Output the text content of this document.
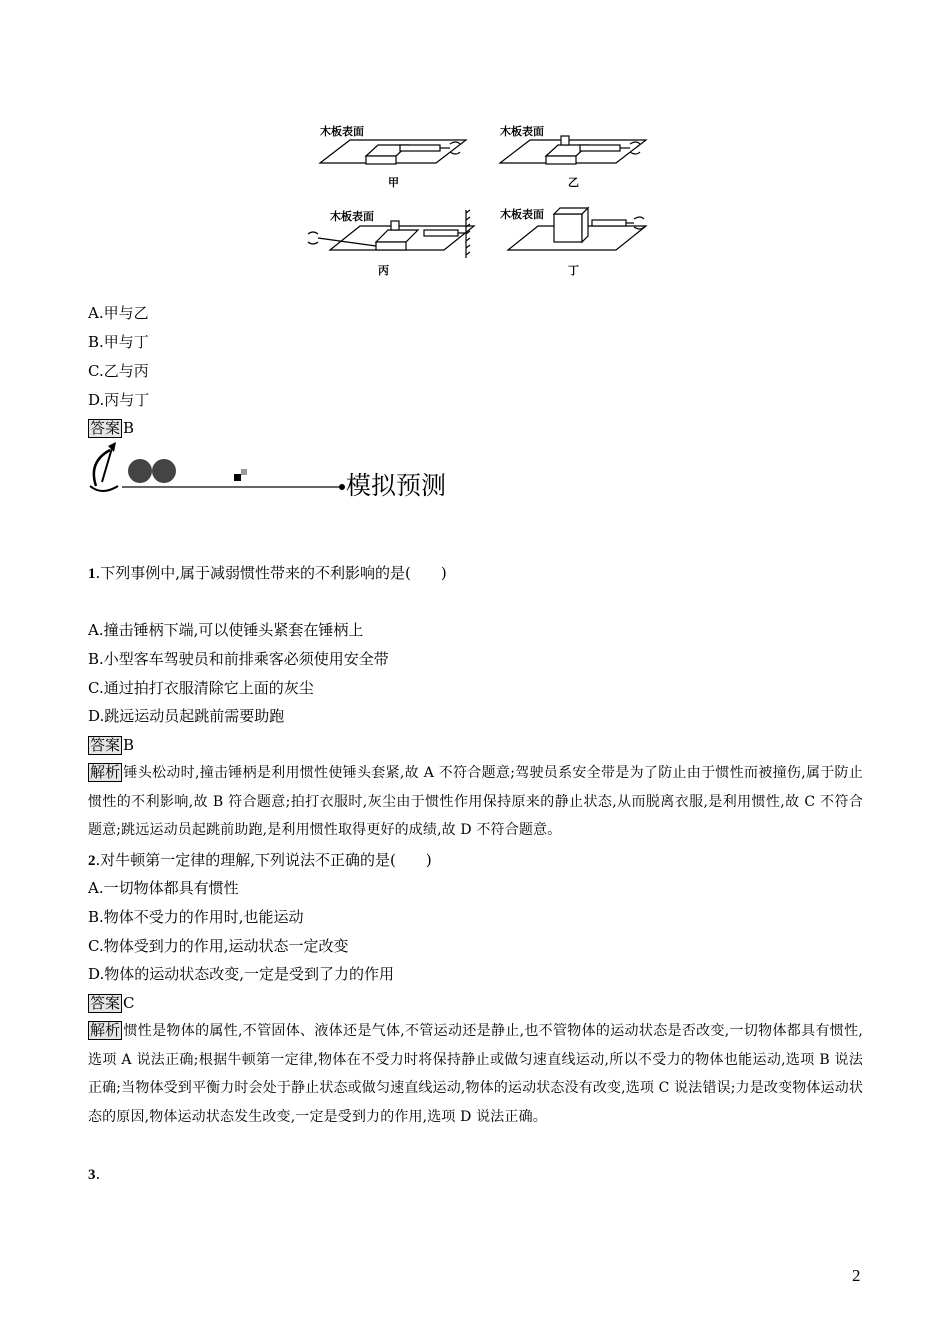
木板表面	木板表面
木板表面	木板表面
甲	乙
丙	丁
A.甲与乙
B.甲与丁
C.乙与丙
D.丙与丁
答案 B
模拟预测
1.下列事例中,属于减弱惯性带来的不利影响的是(　　)
A.撞击锤柄下端,可以使锤头紧套在锤柄上
B.小型客车驾驶员和前排乘客必须使用安全带
C.通过拍打衣服清除它上面的灰尘
D.跳远运动员起跳前需要助跑
答案 B
解析 锤头松动时,撞击锤柄是利用惯性使锤头套紧,故 A 不符合题意;驾驶员系安全带是为了防止由于惯性而被撞伤,属于防止惯性的不利影响,故 B 符合题意;拍打衣服时,灰尘由于惯性作用保持原来的静止状态,从而脱离衣服,是利用惯性,故 C 不符合题意;跳远运动员起跳前助跑,是利用惯性取得更好的成绩,故 D 不符合题意。
2.对牛顿第一定律的理解,下列说法不正确的是(　　)
A.一切物体都具有惯性
B.物体不受力的作用时,也能运动
C.物体受到力的作用,运动状态一定改变
D.物体的运动状态改变,一定是受到了力的作用
答案 C
解析 惯性是物体的属性,不管固体、液体还是气体,不管运动还是静止,也不管物体的运动状态是否改变,一切物体都具有惯性,选项 A 说法正确;根据牛顿第一定律,物体在不受力时将保持静止或做匀速直线运动,所以不受力的物体也能运动,选项 B 说法正确;当物体受到平衡力时会处于静止状态或做匀速直线运动,物体的运动状态没有改变,选项 C 说法错误;力是改变物体运动状态的原因,物体运动状态发生改变,一定是受到力的作用,选项 D 说法正确。
3.
2
